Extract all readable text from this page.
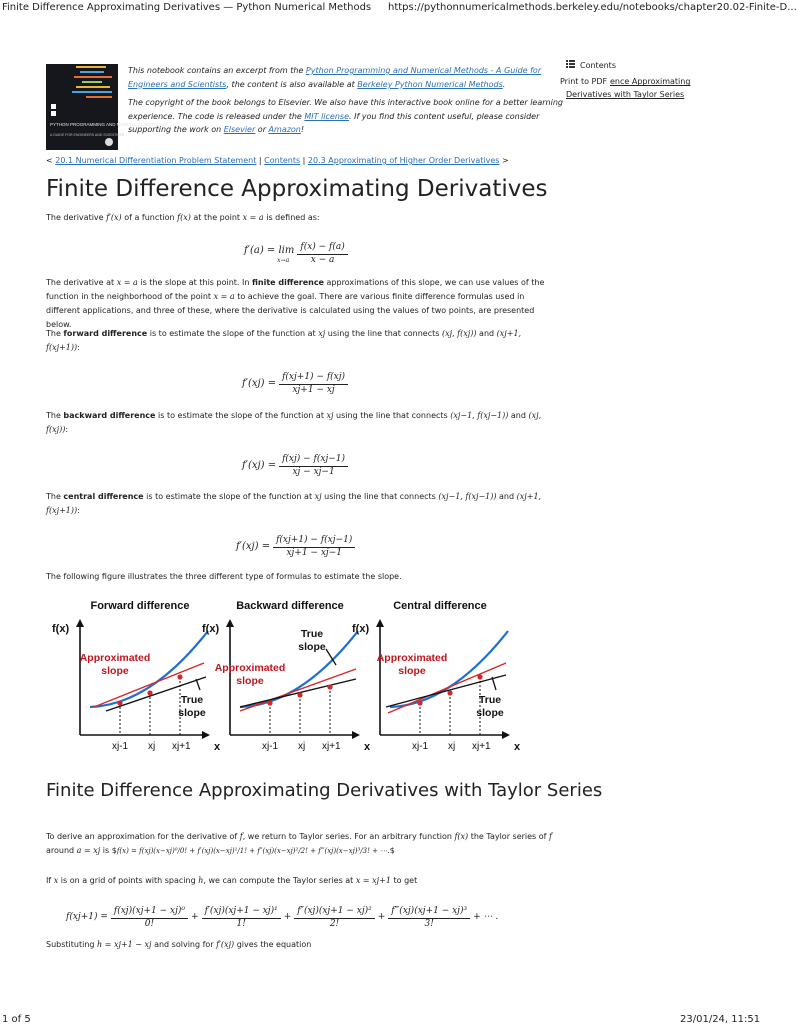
Finite Difference Approximating Derivatives — Python Numerical Methods https://pythonnumericalmethods.berkeley.edu/notebooks/chapter20.02-Finite-D...
1 of 5	23/01/24, 11:51
PYTHON PROGRAMMING AND NUMERICAL METHODS
A GUIDE FOR ENGINEERS AND SCIENTISTS

This notebook contains an excerpt from the Python Programming and Numerical Methods - A Guide for Engineers and Scientists, the content is also available at Berkeley Python Numerical Methods.

The copyright of the book belongs to Elsevier. We also have this interactive book online for a better learning experience. The code is released under the MIT license. If you find this content useful, please consider supporting the work on Elsevier or Amazon!

Contents
Print to PDF ence Approximating
Derivatives with Taylor Series
< 20.1 Numerical Differentiation Problem Statement | Contents | 20.3 Approximating of Higher Order Derivatives >
Finite Difference Approximating Derivatives
The derivative f′(x) of a function f(x) at the point x = a is defined as:
f′(a) = lim
$x\to a \frac{f(x) - f(a)}{x - a}$
The derivative at x = a is the slope at this point. In finite difference approximations of this slope, we can use values of the function in the neighborhood of the point x = a to achieve the goal. There are various finite difference formulas used in different applications, and three of these, where the derivative is calculated using the values of two points, are presented below.
The forward difference is to estimate the slope of the function at xj using the line that connects (xj, f(xj)) and (xj+1, f(xj+1)):
$f'(xj) = \frac{f(xj+1) - f(xj)}{xj+1 - xj}$
The backward difference is to estimate the slope of the function at xj using the line that connects (xj−1, f(xj−1)) and (xj, f(xj)):
$f'(xj) = \frac{f(xj) - f(xj-1)}{xj - xj-1}$
The central difference is to estimate the slope of the function at xj using the line that connects (xj−1, f(xj−1)) and (xj+1, f(xj+1)):
$f'(xj) = \frac{f(xj+1) - f(xj-1)}{xj+1 - xj-1}$
The following figure illustrates the three different type of formulas to estimate the slope.
Forward difference
f(x)
x
xj-1 xj xj+1
Approximated
slope
True
slope
Backward difference
f(x)
x
xj-1 xj xj+1
Approximated
slope
True
slope
Central difference
f(x)
x
xj-1 xj xj+1
Approximated
slope
True
slope
Finite Difference Approximating Derivatives with Taylor Series
To derive an approximation for the derivative of f, we return to Taylor series. For an arbitrary function f(x) the Taylor series of f around a = xj is $f(x) = f(xj)(x−xj)⁰/0! + f′(xj)(x−xj)¹/1! + f″(xj)(x−xj)²/2! + f‴(xj)(x−xj)³/3! + ⋯.$
If x is on a grid of points with spacing h, we can compute the Taylor series at x = xj+1 to get
$f(xj+1) = \frac{\text{f(xj)(xj+1 − xj)⁰}}{0!} + \frac{\text{f′(xj)(xj+1 − xj)¹}}{1!} + \frac{\text{f″(xj)(xj+1 − xj)²}}{2!} + \frac{\text{f‴(xj)(xj+1 − xj)³}}{3!}$ + ⋯ .
Substituting h = xj+1 − xj and solving for f′(xj) gives the equation
